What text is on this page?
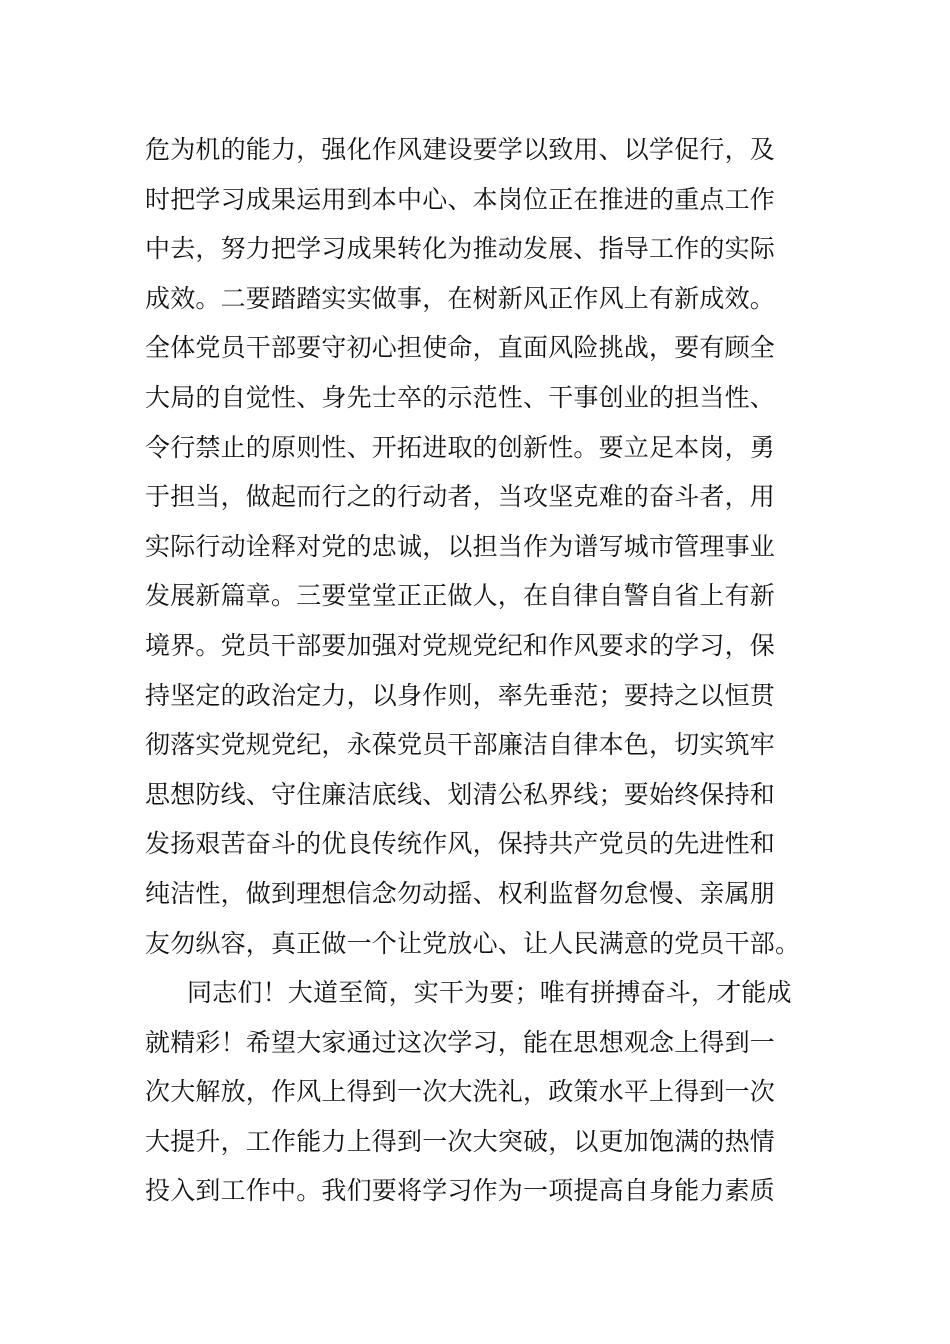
危为机的能力，强化作风建设要学以致用、以学促行，及
时把学习成果运用到本中心、本岗位正在推进的重点工作
中去，努力把学习成果转化为推动发展、指导工作的实际
成效。二要踏踏实实做事，在树新风正作风上有新成效。
全体党员干部要守初心担使命，直面风险挑战，要有顾全
大局的自觉性、身先士卒的示范性、干事创业的担当性、
令行禁止的原则性、开拓进取的创新性。要立足本岗，勇
于担当，做起而行之的行动者，当攻坚克难的奋斗者，用
实际行动诠释对党的忠诚，以担当作为谱写城市管理事业
发展新篇章。三要堂堂正正做人，在自律自警自省上有新
境界。党员干部要加强对党规党纪和作风要求的学习，保
持坚定的政治定力，以身作则，率先垂范；要持之以恒贯
彻落实党规党纪，永葆党员干部廉洁自律本色，切实筑牢
思想防线、守住廉洁底线、划清公私界线；要始终保持和
发扬艰苦奋斗的优良传统作风，保持共产党员的先进性和
纯洁性，做到理想信念勿动摇、权利监督勿怠慢、亲属朋
友勿纵容，真正做一个让党放心、让人民满意的党员干部。
同志们！大道至简，实干为要；唯有拼搏奋斗，才能成
就精彩！希望大家通过这次学习，能在思想观念上得到一
次大解放，作风上得到一次大洗礼，政策水平上得到一次
大提升，工作能力上得到一次大突破，以更加饱满的热情
投入到工作中。我们要将学习作为一项提高自身能力素质
